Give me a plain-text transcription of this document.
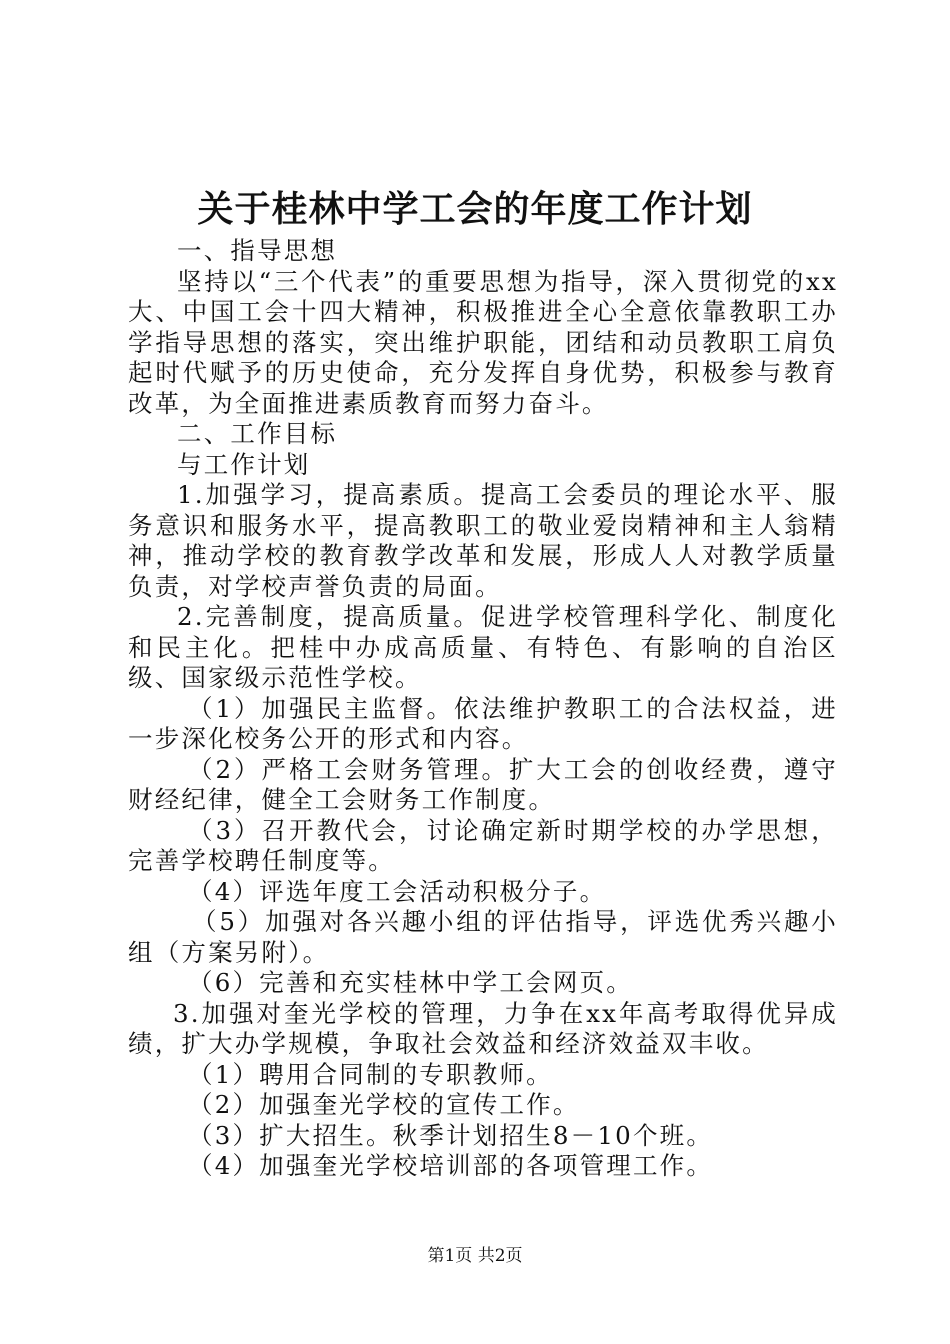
关于桂林中学工会的年度工作计划

一、指导思想

坚持以“三个代表”的重要思想为指导，深入贯彻党的xx大、中国工会十四大精神，积极推进全心全意依靠教职工办学指导思想的落实，突出维护职能，团结和动员教职工肩负起时代赋予的历史使命，充分发挥自身优势，积极参与教育改革，为全面推进素质教育而努力奋斗。

二、工作目标

与工作计划

1.加强学习，提高素质。提高工会委员的理论水平、服务意识和服务水平，提高教职工的敬业爱岗精神和主人翁精神，推动学校的教育教学改革和发展，形成人人对教学质量负责，对学校声誉负责的局面。

2.完善制度，提高质量。促进学校管理科学化、制度化和民主化。把桂中办成高质量、有特色、有影响的自治区级、国家级示范性学校。

（1）加强民主监督。依法维护教职工的合法权益，进一步深化校务公开的形式和内容。

（2）严格工会财务管理。扩大工会的创收经费，遵守财经纪律，健全工会财务工作制度。

（3）召开教代会，讨论确定新时期学校的办学思想，完善学校聘任制度等。

（4）评选年度工会活动积极分子。

（5）加强对各兴趣小组的评估指导，评选优秀兴趣小组（方案另附）。

（6）完善和充实桂林中学工会网页。

3.加强对奎光学校的管理，力争在xx年高考取得优异成绩，扩大办学规模，争取社会效益和经济效益双丰收。

（1）聘用合同制的专职教师。

（2）加强奎光学校的宣传工作。

（3）扩大招生。秋季计划招生8－10个班。

（4）加强奎光学校培训部的各项管理工作。

第1页 共2页
